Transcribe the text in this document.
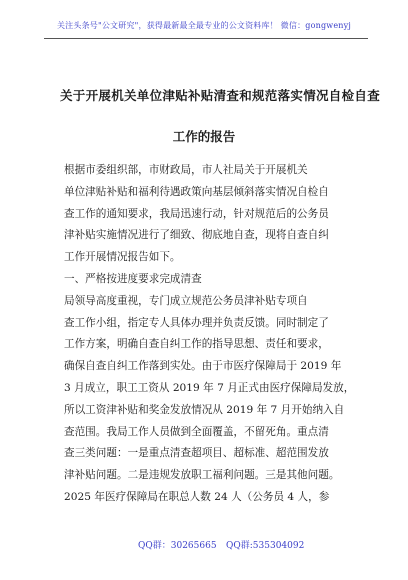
关注头条号"公文研究"，获得最新最全最专业的公文资料库！ 微信：gongwenyj
关于开展机关单位津贴补贴清查和规范落实情况自检自查
工作的报告
根据市委组织部，市财政局，市人社局关于开展机关
单位津贴补贴和福利待遇政策向基层倾斜落实情况自检自
查工作的通知要求，我局迅速行动，针对规范后的公务员
津补贴实施情况进行了细致、彻底地自查，现将自查自纠
工作开展情况报告如下。
一、严格按进度要求完成清查
局领导高度重视，专门成立规范公务员津补贴专项自
查工作小组，指定专人具体办理并负责反馈。同时制定了
工作方案，明确自查自纠工作的指导思想、责任和要求，
确保自查自纠工作落到实处。由于市医疗保障局于 2019 年
3 月成立，职工工资从 2019 年 7 月正式由医疗保障局发放，
所以工资津补贴和奖金发放情况从 2019 年 7 月开始纳入自
查范围。我局工作人员做到全面覆盖，不留死角。重点清
查三类问题：一是重点清查超项目、超标准、超范围发放
津补贴问题。二是违规发放职工福利问题。三是其他问题。
2025 年医疗保障局在职总人数 24 人（公务员 4 人，参
QQ群：30265665 QQ群:535304092
